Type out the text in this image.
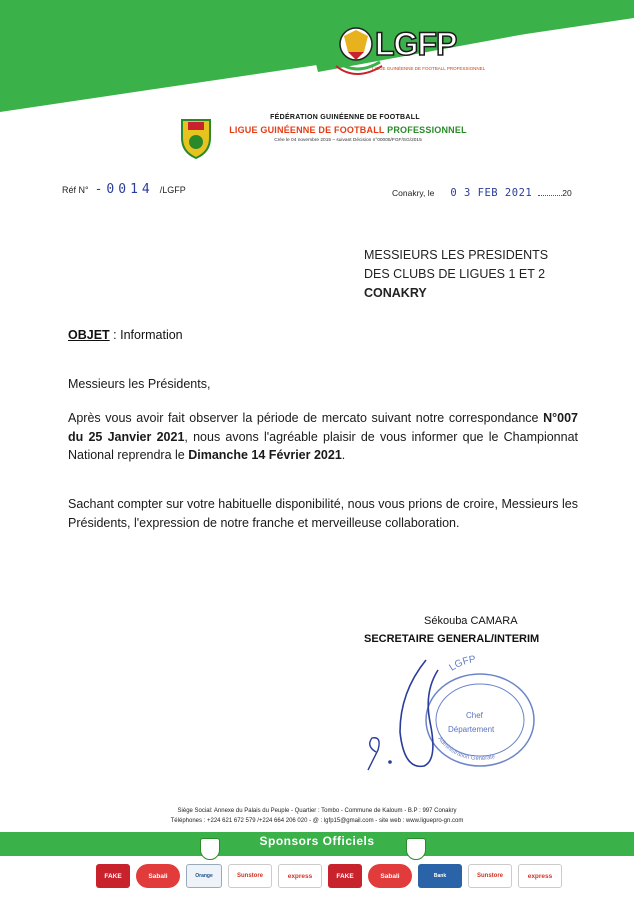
LGFP
LIGUE GUINÉENNE DE FOOTBALL PROFESSIONNEL
FÉDÉRATION GUINÉENNE DE FOOTBALL
LIGUE GUINÉENNE DE FOOTBALL PROFESSIONNEL
Crée le 04 novembre 2015 – suivant Décision n°00005/FGF/SG/2015
Réf N° -0014 /LGFP	Conakry, le 0 3 FEB 2021	20
MESSIEURS LES PRESIDENTS
DES CLUBS DE LIGUES 1 ET 2
CONAKRY
OBJET : Information
Messieurs les Présidents,
Après vous avoir fait observer la période de mercato suivant notre correspondance N°007 du 25 Janvier 2021, nous avons l'agréable plaisir de vous informer que le Championnat National reprendra le Dimanche 14 Février 2021.
Sachant compter sur votre habituelle disponibilité, nous vous prions de croire, Messieurs les Présidents, l'expression de notre franche et merveilleuse collaboration.
Sékouba CAMARA
SECRETAIRE GENERAL/INTERIM
LGFP
Chef
Département
Administration Générale
Siège Social: Annexe du Palais du Peuple - Quartier : Tombo - Commune de Kaloum - B.P : 997 Conakry
Téléphones : +224 621 672 579 /+224 664 206 020 - @ : lgfp15@gmail.com - site web : www.liguepro-gn.com
Sponsors Officiels
FAKE	Sabali	Orange	Sunstore	express	FAKE	Sabali	Bank	Sunstore	express
